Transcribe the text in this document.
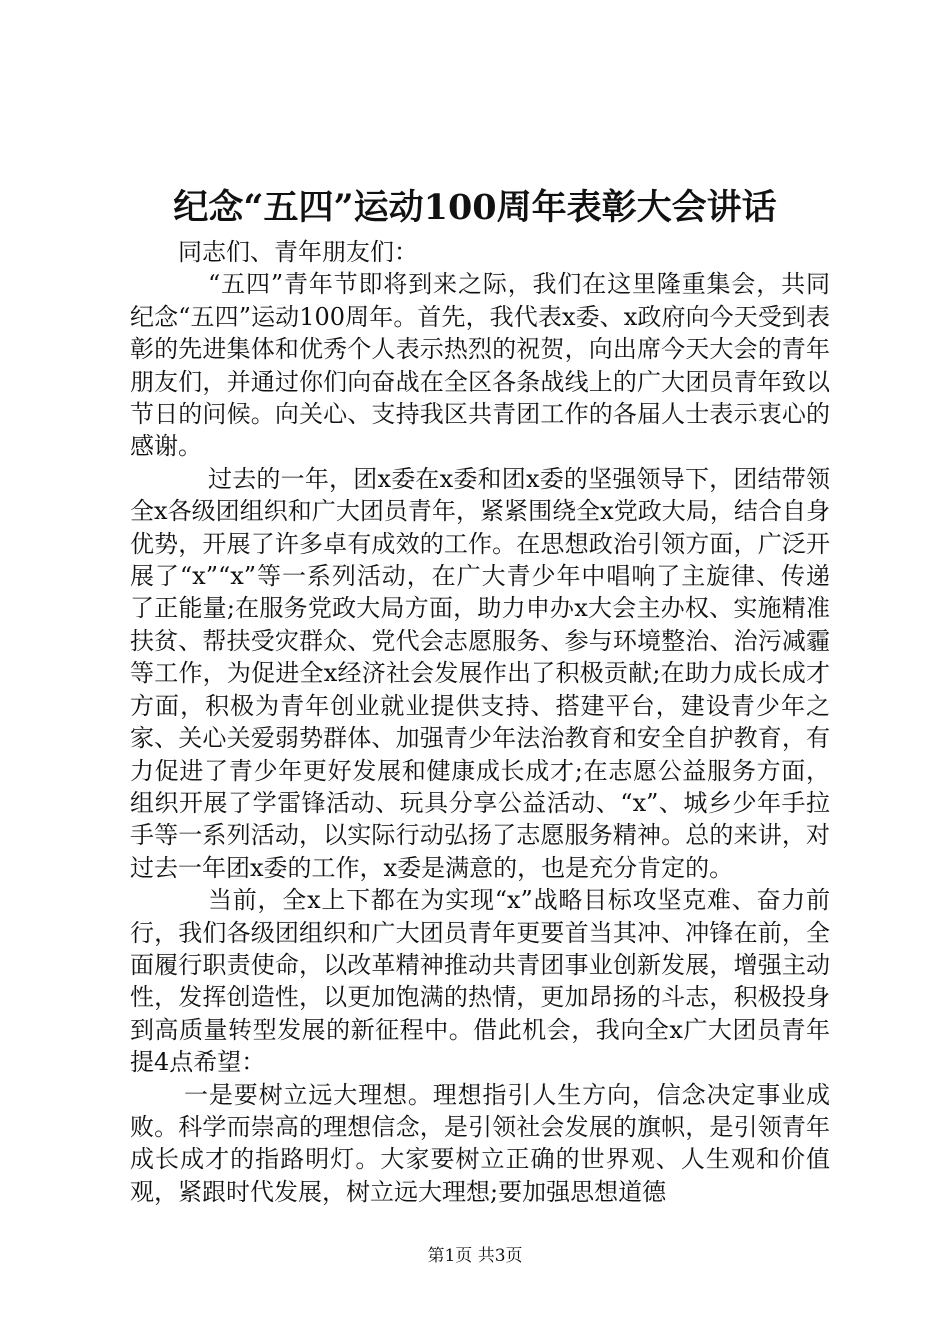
纪念“五四”运动100周年表彰大会讲话

同志们、青年朋友们：

“五四”青年节即将到来之际，我们在这里隆重集会，共同纪念“五四”运动100周年。首先，我代表x委、x政府向今天受到表彰的先进集体和优秀个人表示热烈的祝贺，向出席今天大会的青年朋友们，并通过你们向奋战在全区各条战线上的广大团员青年致以节日的问候。向关心、支持我区共青团工作的各届人士表示衷心的感谢。

过去的一年，团x委在x委和团x委的坚强领导下，团结带领全x各级团组织和广大团员青年，紧紧围绕全x党政大局，结合自身优势，开展了许多卓有成效的工作。在思想政治引领方面，广泛开展了“x”“x”等一系列活动，在广大青少年中唱响了主旋律、传递了正能量;在服务党政大局方面，助力申办x大会主办权、实施精准扶贫、帮扶受灾群众、党代会志愿服务、参与环境整治、治污减霾等工作，为促进全x经济社会发展作出了积极贡献;在助力成长成才方面，积极为青年创业就业提供支持、搭建平台，建设青少年之家、关心关爱弱势群体、加强青少年法治教育和安全自护教育，有力促进了青少年更好发展和健康成长成才;在志愿公益服务方面，组织开展了学雷锋活动、玩具分享公益活动、“x”、城乡少年手拉手等一系列活动，以实际行动弘扬了志愿服务精神。总的来讲，对过去一年团x委的工作，x委是满意的，也是充分肯定的。

当前，全x上下都在为实现“x”战略目标攻坚克难、奋力前行，我们各级团组织和广大团员青年更要首当其冲、冲锋在前，全面履行职责使命，以改革精神推动共青团事业创新发展，增强主动性，发挥创造性，以更加饱满的热情，更加昂扬的斗志，积极投身到高质量转型发展的新征程中。借此机会，我向全x广大团员青年提4点希望：

一是要树立远大理想。理想指引人生方向，信念决定事业成败。科学而崇高的理想信念，是引领社会发展的旗帜，是引领青年成长成才的指路明灯。大家要树立正确的世界观、人生观和价值观，紧跟时代发展，树立远大理想;要加强思想道德

第1页 共3页
